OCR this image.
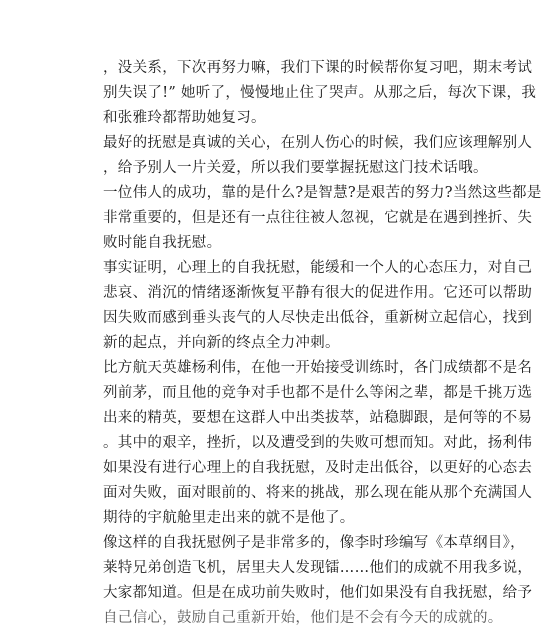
，没关系，下次再努力嘛，我们下课的时候帮你复习吧，期末考试
别失误了!” 她听了，慢慢地止住了哭声。从那之后，每次下课，我
和张雅玲都帮助她复习。
最好的抚慰是真诚的关心，在别人伤心的时候，我们应该理解别人
，给予别人一片关爱，所以我们要掌握抚慰这门技术话哦。
一位伟人的成功，靠的是什么?是智慧?是艰苦的努力?当然这些都是
非常重要的，但是还有一点往往被人忽视，它就是在遇到挫折、失
败时能自我抚慰。
事实证明，心理上的自我抚慰，能缓和一个人的心态压力，对自己
悲哀、消沉的情绪逐渐恢复平静有很大的促进作用。它还可以帮助
因失败而感到垂头丧气的人尽快走出低谷，重新树立起信心，找到
新的起点，并向新的终点全力冲刺。
比方航天英雄杨利伟，在他一开始接受训练时，各门成绩都不是名
列前茅，而且他的竞争对手也都不是什么等闲之辈，都是千挑万选
出来的精英，要想在这群人中出类拔萃，站稳脚跟，是何等的不易
。其中的艰辛，挫折，以及遭受到的失败可想而知。对此，扬利伟
如果没有进行心理上的自我抚慰，及时走出低谷，以更好的心态去
面对失败，面对眼前的、将来的挑战，那么现在能从那个充满国人
期待的宇航舱里走出来的就不是他了。
像这样的自我抚慰例子是非常多的，像李时珍编写《本草纲目》，
莱特兄弟创造飞机，居里夫人发现镭……他们的成就不用我多说，
大家都知道。但是在成功前失败时，他们如果没有自我抚慰，给予
自己信心，鼓励自己重新开始，他们是不会有今天的成就的。
